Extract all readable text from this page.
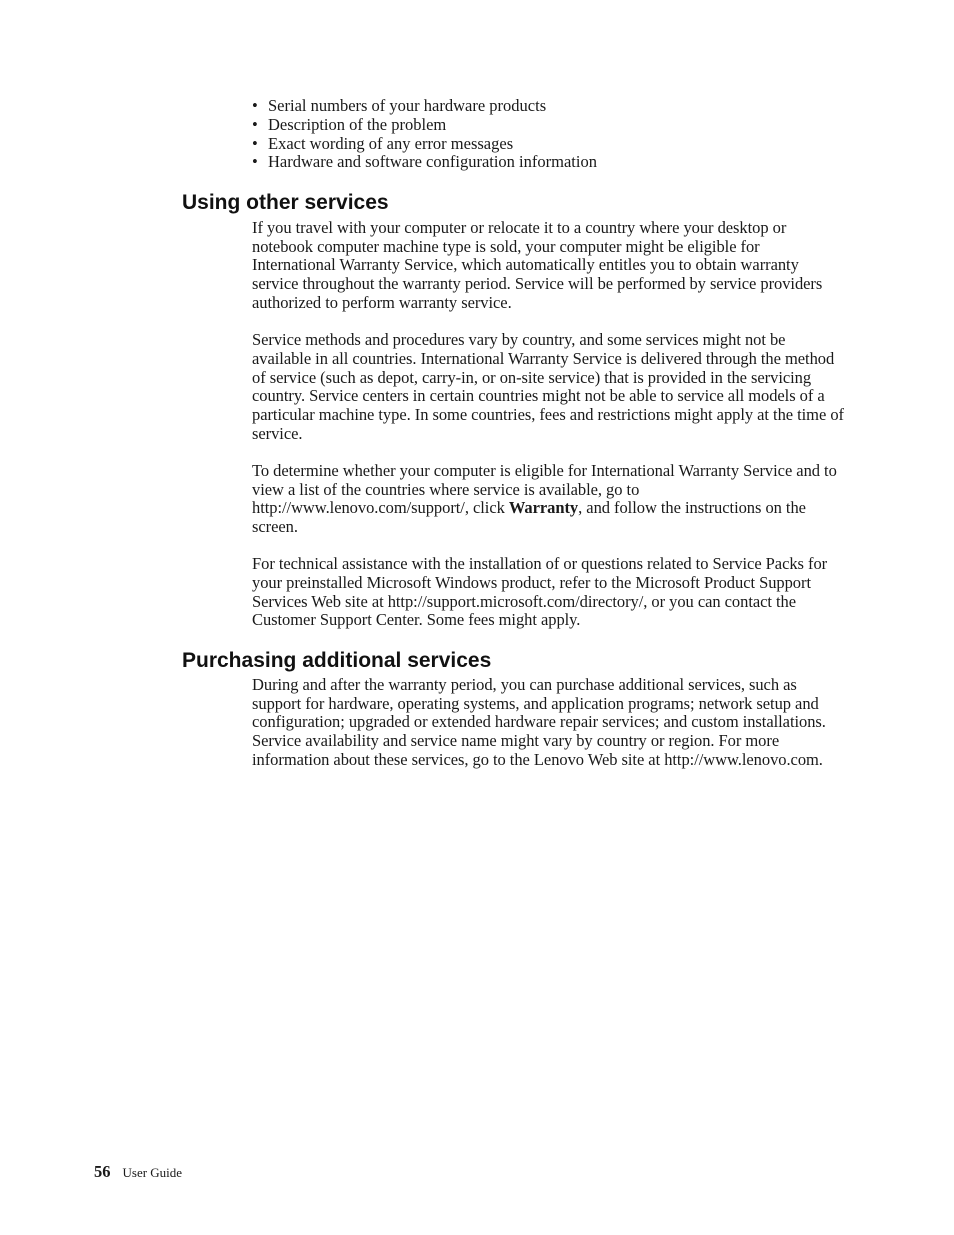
• Serial numbers of your hardware products
• Description of the problem
• Exact wording of any error messages
• Hardware and software configuration information
Using other services

If you travel with your computer or relocate it to a country where your desktop or notebook computer machine type is sold, your computer might be eligible for International Warranty Service, which automatically entitles you to obtain warranty service throughout the warranty period. Service will be performed by service providers authorized to perform warranty service.

Service methods and procedures vary by country, and some services might not be available in all countries. International Warranty Service is delivered through the method of service (such as depot, carry-in, or on-site service) that is provided in the servicing country. Service centers in certain countries might not be able to service all models of a particular machine type. In some countries, fees and restrictions might apply at the time of service.

To determine whether your computer is eligible for International Warranty Service and to view a list of the countries where service is available, go to http://www.lenovo.com/support/, click Warranty, and follow the instructions on the screen.

For technical assistance with the installation of or questions related to Service Packs for your preinstalled Microsoft Windows product, refer to the Microsoft Product Support Services Web site at http://support.microsoft.com/directory/, or you can contact the Customer Support Center. Some fees might apply.

Purchasing additional services

During and after the warranty period, you can purchase additional services, such as support for hardware, operating systems, and application programs; network setup and configuration; upgraded or extended hardware repair services; and custom installations. Service availability and service name might vary by country or region. For more information about these services, go to the Lenovo Web site at http://www.lenovo.com.

56 User Guide
